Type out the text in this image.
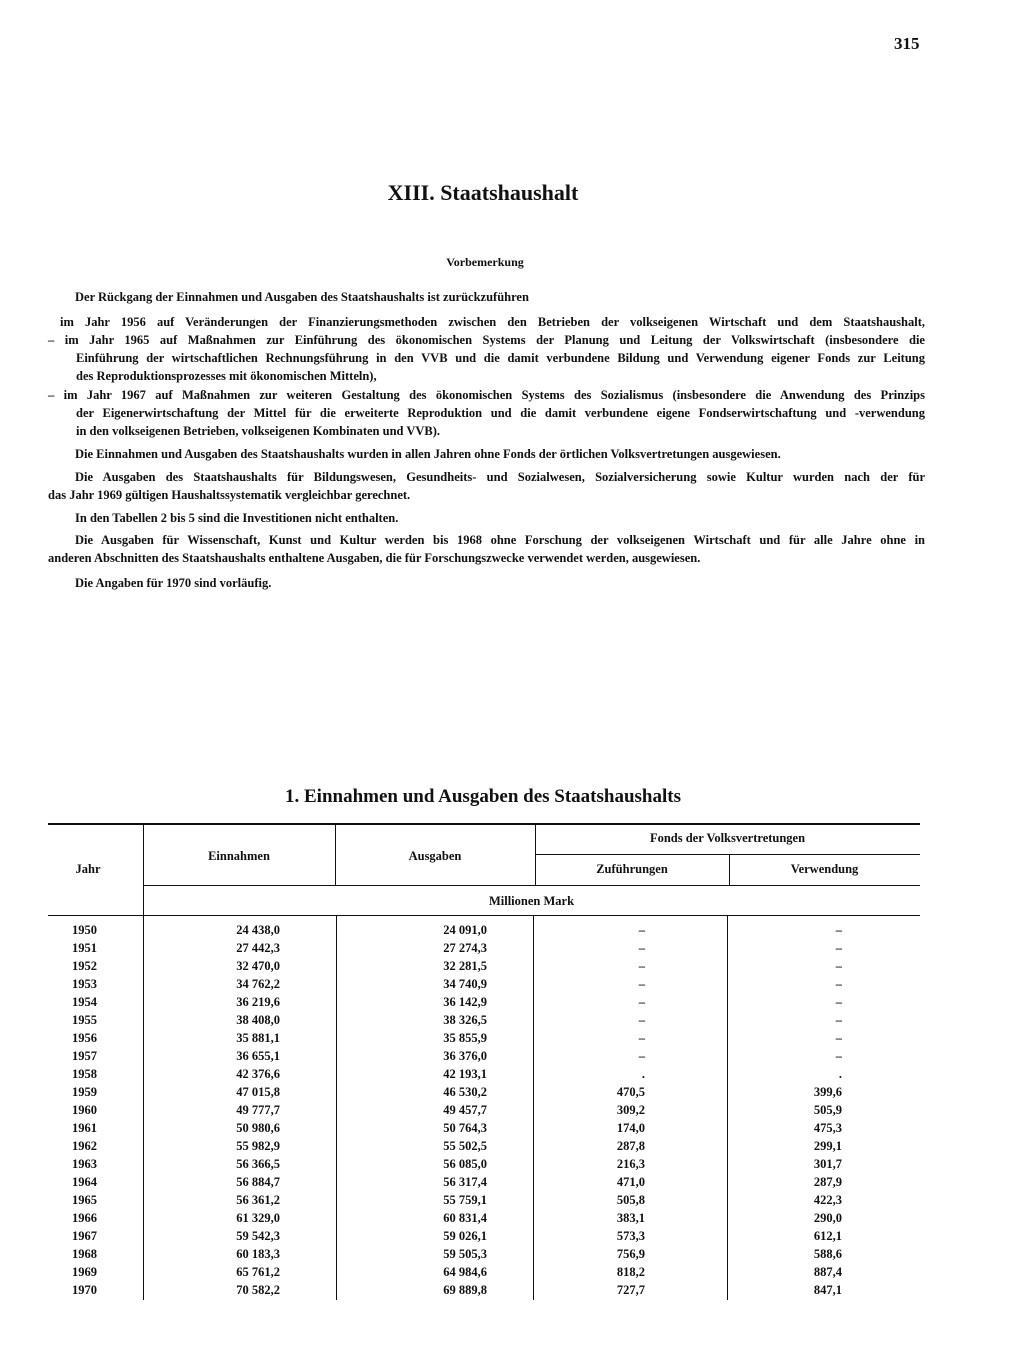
315
XIII. Staatshaushalt
Vorbemerkung
Der Rückgang der Einnahmen und Ausgaben des Staatshaushalts ist zurückzuführen
im Jahr 1956 auf Veränderungen der Finanzierungsmethoden zwischen den Betrieben der volkseigenen Wirtschaft und dem Staatshaushalt,
– im Jahr 1965 auf Maßnahmen zur Einführung des ökonomischen Systems der Planung und Leitung der Volkswirtschaft (insbesondere die
Einführung der wirtschaftlichen Rechnungsführung in den VVB und die damit verbundene Bildung und Verwendung eigener Fonds zur Leitung
des Reproduktionsprozesses mit ökonomischen Mitteln),
– im Jahr 1967 auf Maßnahmen zur weiteren Gestaltung des ökonomischen Systems des Sozialismus (insbesondere die Anwendung des Prinzips
der Eigenerwirtschaftung der Mittel für die erweiterte Reproduktion und die damit verbundene eigene Fondserwirtschaftung und -verwendung
in den volkseigenen Betrieben, volkseigenen Kombinaten und VVB).
Die Einnahmen und Ausgaben des Staatshaushalts wurden in allen Jahren ohne Fonds der örtlichen Volksvertretungen ausgewiesen.
Die Ausgaben des Staatshaushalts für Bildungswesen, Gesundheits- und Sozialwesen, Sozialversicherung sowie Kultur wurden nach der für
das Jahr 1969 gültigen Haushaltssystematik vergleichbar gerechnet.
In den Tabellen 2 bis 5 sind die Investitionen nicht enthalten.
Die Ausgaben für Wissenschaft, Kunst und Kultur werden bis 1968 ohne Forschung der volkseigenen Wirtschaft und für alle Jahre ohne in
anderen Abschnitten des Staatshaushalts enthaltene Ausgaben, die für Forschungszwecke verwendet werden, ausgewiesen.
Die Angaben für 1970 sind vorläufig.
1. Einnahmen und Ausgaben des Staatshaushalts
Jahr
Einnahmen	Ausgaben
Fonds der Volksvertretungen
Zuführungen	Verwendung
Millionen Mark
1950	24 438,0	24 091,0	–	–
1951	27 442,3	27 274,3	–	–
1952	32 470,0	32 281,5	–	–
1953	34 762,2	34 740,9	–	–
1954	36 219,6	36 142,9	–	–
1955	38 408,0	38 326,5	–	–
1956	35 881,1	35 855,9	–	–
1957	36 655,1	36 376,0	–	–
1958	42 376,6	42 193,1	.	.
1959	47 015,8	46 530,2	470,5	399,6
1960	49 777,7	49 457,7	309,2	505,9
1961	50 980,6	50 764,3	174,0	475,3
1962	55 982,9	55 502,5	287,8	299,1
1963	56 366,5	56 085,0	216,3	301,7
1964	56 884,7	56 317,4	471,0	287,9
1965	56 361,2	55 759,1	505,8	422,3
1966	61 329,0	60 831,4	383,1	290,0
1967	59 542,3	59 026,1	573,3	612,1
1968	60 183,3	59 505,3	756,9	588,6
1969	65 761,2	64 984,6	818,2	887,4
1970	70 582,2	69 889,8	727,7	847,1
